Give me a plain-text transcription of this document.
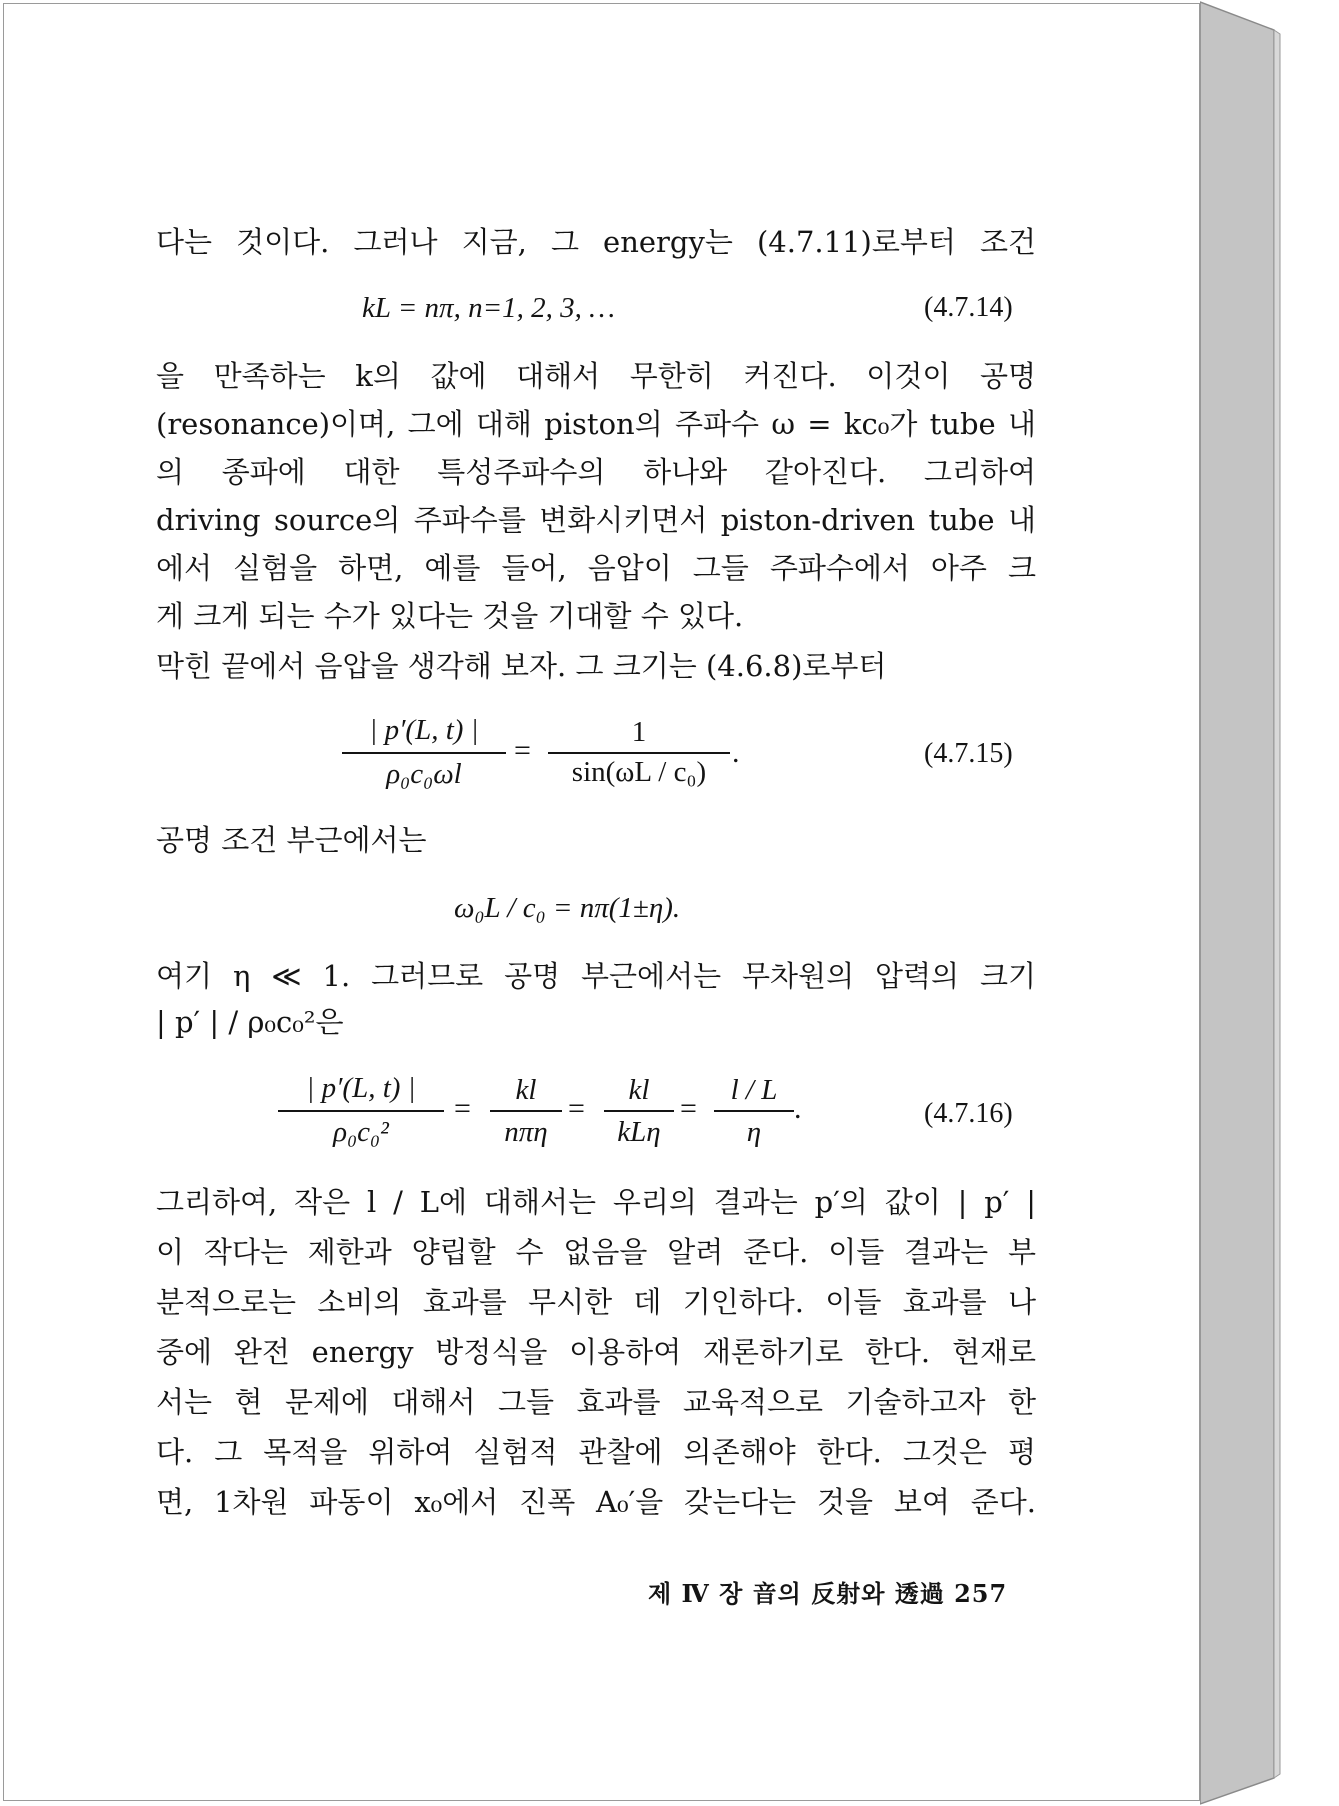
다는 것이다. 그러나 지금, 그 energy는 (4.7.11)로부터 조건
kL = nπ, n=1, 2, 3, …	(4.7.14)
을 만족하는 k의 값에 대해서 무한히 커진다. 이것이 공명
(resonance)이며, 그에 대해 piston의 주파수 ω = kc₀가 tube 내
의 종파에 대한 특성주파수의 하나와 같아진다. 그리하여
driving source의 주파수를 변화시키면서 piston-driven tube 내
에서 실험을 하면, 예를 들어, 음압이 그들 주파수에서 아주 크
게 크게 되는 수가 있다는 것을 기대할 수 있다.
막힌 끝에서 음압을 생각해 보자. 그 크기는 (4.6.8)로부터
| p′(L, t) |
ρ₀c₀ωl
=
1
sin(ωL / c₀)
.	(4.7.15)
공명 조건 부근에서는
ω₀L / c₀ = nπ(1±η).
여기 η ≪ 1. 그러므로 공명 부근에서는 무차원의 압력의 크기
| p′ | / ρ₀c₀²은
| p′(L, t) |
ρ₀c₀²
=
kl
nπη
=
kl
kLη
=
l / L
η
.	(4.7.16)
그리하여, 작은 l / L에 대해서는 우리의 결과는 p′의 값이 | p′ |
이 작다는 제한과 양립할 수 없음을 알려 준다. 이들 결과는 부
분적으로는 소비의 효과를 무시한 데 기인하다. 이들 효과를 나
중에 완전 energy 방정식을 이용하여 재론하기로 한다. 현재로
서는 현 문제에 대해서 그들 효과를 교육적으로 기술하고자 한
다. 그 목적을 위하여 실험적 관찰에 의존해야 한다. 그것은 평
면, 1차원 파동이 x₀에서 진폭 A₀′을 갖는다는 것을 보여 준다.
제 Ⅳ 장 音의 反射와 透過 257
